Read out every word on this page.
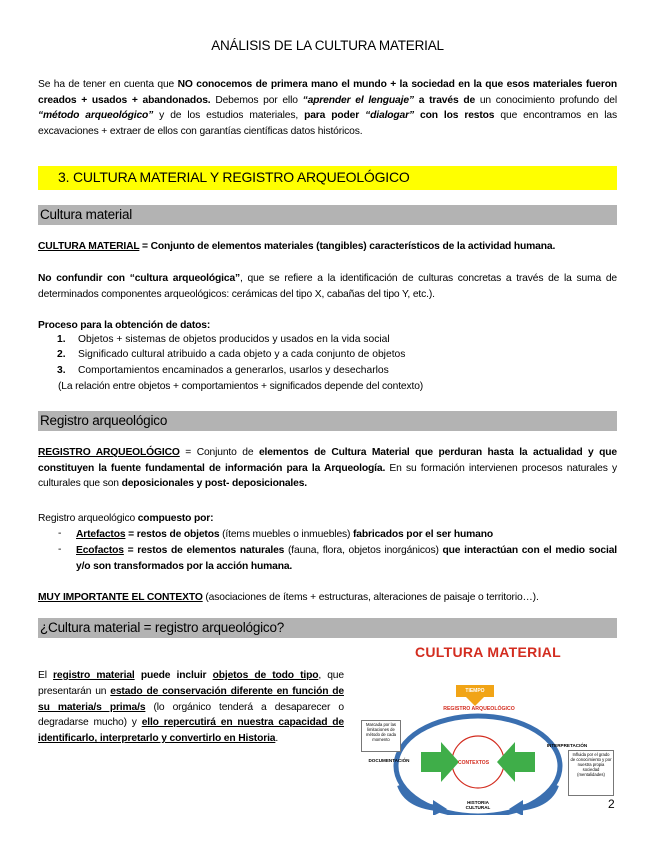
ANÁLISIS DE LA CULTURA MATERIAL
Se ha de tener en cuenta que NO conocemos de primera mano el mundo + la sociedad en la que esos materiales fueron creados + usados + abandonados. Debemos por ello “aprender el lenguaje” a través de un conocimiento profundo del “método arqueológico” y de los estudios materiales, para poder “dialogar” con los restos que encontramos en las excavaciones + extraer de ellos con garantías científicas datos históricos.
3. CULTURA MATERIAL Y REGISTRO ARQUEOLÓGICO
Cultura material
CULTURA MATERIAL = Conjunto de elementos materiales (tangibles) característicos de la actividad humana.
No confundir con “cultura arqueológica”, que se refiere a la identificación de culturas concretas a través de la suma de determinados componentes arqueológicos: cerámicas del tipo X, cabañas del tipo Y, etc.).
Proceso para la obtención de datos:
1. Objetos + sistemas de objetos producidos y usados en la vida social
2. Significado cultural atribuido a cada objeto y a cada conjunto de objetos
3. Comportamientos encaminados a generarlos, usarlos y desecharlos
(La relación entre objetos + comportamientos + significados depende del contexto)
Registro arqueológico
REGISTRO ARQUEOLÓGICO = Conjunto de elementos de Cultura Material que perduran hasta la actualidad y que constituyen la fuente fundamental de información para la Arqueología. En su formación intervienen procesos naturales y culturales que son deposicionales y post- deposicionales.
Registro arqueológico compuesto por:
- Artefactos = restos de objetos (ítems muebles o inmuebles) fabricados por el ser humano
- Ecofactos = restos de elementos naturales (fauna, flora, objetos inorgánicos) que interactúan con el medio social y/o son transformados por la acción humana.
MUY IMPORTANTE EL CONTEXTO (asociaciones de ítems + estructuras, alteraciones de paisaje o territorio…).
¿Cultura material = registro arqueológico?
El registro material puede incluir objetos de todo tipo, que presentarán un estado de conservación diferente en función de su materia/s prima/s (lo orgánico tenderá a desaparecer o degradarse mucho) y ello repercutirá en nuestra capacidad de identificarlo, interpretarlo y convertirlo en Historia.
CULTURA MATERIAL
TIEMPO
REGISTRO ARQUEOLÓGICO
Marcada por las limitaciones de método de cada momento
DOCUMENTACIÓN	CONTEXTOS
INTERPRETACIÓN
Influida por el grado de conocimiento y por nuestra propia sociedad (mentalidades)
HISTORIA CULTURAL	2
